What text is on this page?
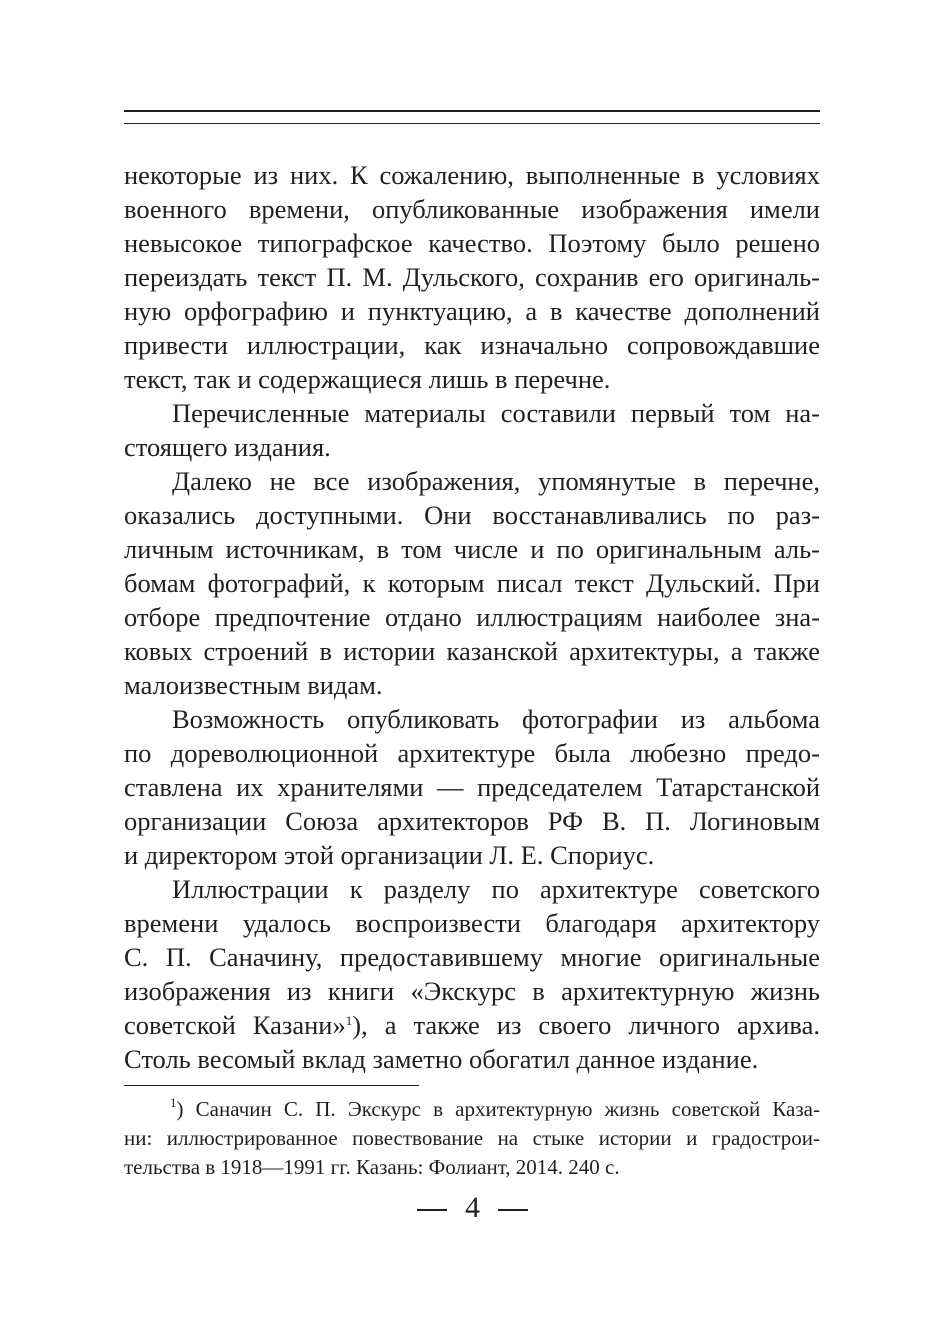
некоторые из них. К сожалению, выполненные в условиях
военного времени, опубликованные изображения имели
невысокое типографское качество. Поэтому было решено
переиздать текст П. М. Дульского, сохранив его оригиналь-
ную орфографию и пунктуацию, а в качестве дополнений
привести иллюстрации, как изначально сопровождавшие
текст, так и содержащиеся лишь в перечне.
Перечисленные материалы составили первый том на-
стоящего издания.
Далеко не все изображения, упомянутые в перечне,
оказались доступными. Они восстанавливались по раз-
личным источникам, в том числе и по оригинальным аль-
бомам фотографий, к которым писал текст Дульский. При
отборе предпочтение отдано иллюстрациям наиболее зна-
ковых строений в истории казанской архитектуры, а также
малоизвестным видам.
Возможность опубликовать фотографии из альбома
по дореволюционной архитектуре была любезно предо-
ставлена их хранителями — председателем Татарстанской
организации Союза архитекторов РФ В. П. Логиновым
и директором этой организации Л. Е. Спориус.
Иллюстрации к разделу по архитектуре советского
времени удалось воспроизвести благодаря архитектору
С. П. Саначину, предоставившему многие оригинальные
изображения из книги «Экскурс в архитектурную жизнь
советской Казани»$^1$), а также из своего личного архива.
Столь весомый вклад заметно обогатил данное издание.
$^1$) Саначин С. П. Экскурс в архитектурную жизнь советской Каза-
ни: иллюстрированное повествование на стыке истории и градострои-
тельства в 1918—1991 гг. Казань: Фолиант, 2014. 240 с.
4
